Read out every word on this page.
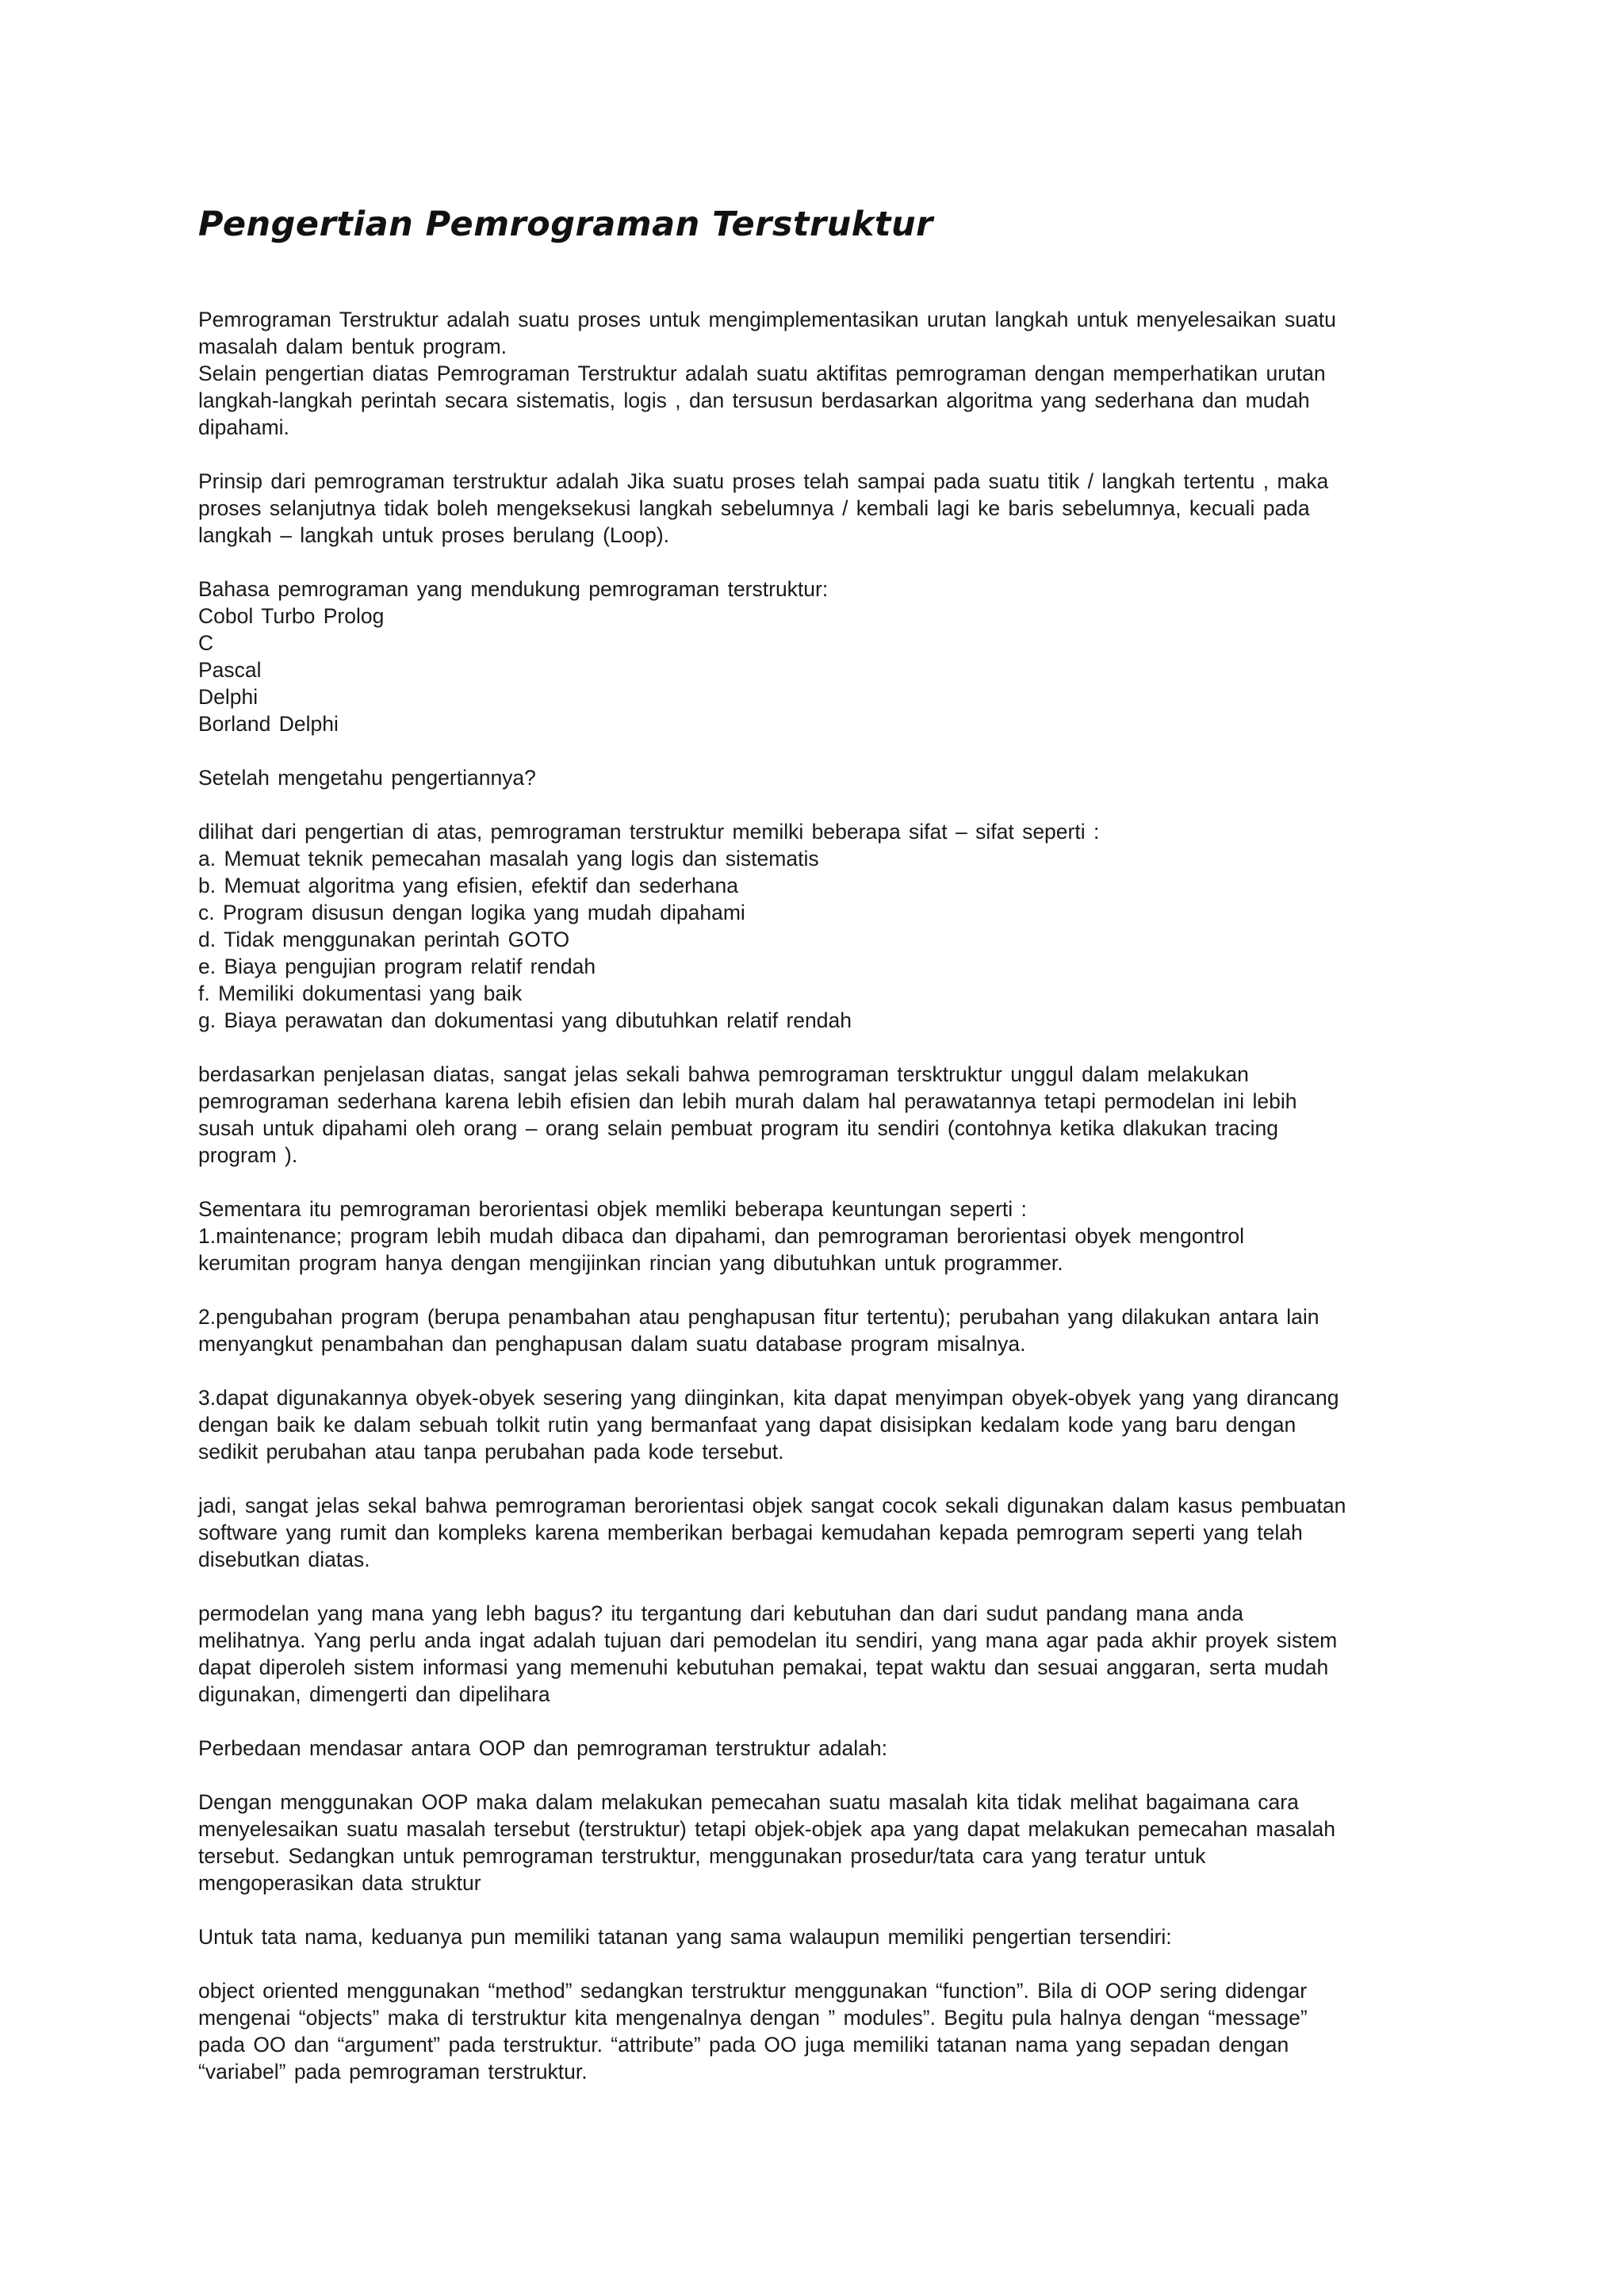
Pengertian Pemrograman Terstruktur

Pemrograman Terstruktur adalah suatu proses untuk mengimplementasikan urutan langkah untuk menyelesaikan suatu
masalah dalam bentuk program.
Selain pengertian diatas Pemrograman Terstruktur adalah suatu aktifitas pemrograman dengan memperhatikan urutan
langkah-langkah perintah secara sistematis, logis , dan tersusun berdasarkan algoritma yang sederhana dan mudah
dipahami.

Prinsip dari pemrograman terstruktur adalah Jika suatu proses telah sampai pada suatu titik / langkah tertentu , maka
proses selanjutnya tidak boleh mengeksekusi langkah sebelumnya / kembali lagi ke baris sebelumnya, kecuali pada
langkah – langkah untuk proses berulang (Loop).

Bahasa pemrograman yang mendukung pemrograman terstruktur:
Cobol Turbo Prolog
C
Pascal
Delphi
Borland Delphi

Setelah mengetahu pengertiannya?

dilihat dari pengertian di atas, pemrograman terstruktur memilki beberapa sifat – sifat seperti :
a. Memuat teknik pemecahan masalah yang logis dan sistematis
b. Memuat algoritma yang efisien, efektif dan sederhana
c. Program disusun dengan logika yang mudah dipahami
d. Tidak menggunakan perintah GOTO
e. Biaya pengujian program relatif rendah
f. Memiliki dokumentasi yang baik
g. Biaya perawatan dan dokumentasi yang dibutuhkan relatif rendah

berdasarkan penjelasan diatas, sangat jelas sekali bahwa pemrograman tersktruktur unggul dalam melakukan
pemrograman sederhana karena lebih efisien dan lebih murah dalam hal perawatannya tetapi permodelan ini lebih
susah untuk dipahami oleh orang – orang selain pembuat program itu sendiri (contohnya ketika dlakukan tracing
program ).

Sementara itu pemrograman berorientasi objek memliki beberapa keuntungan seperti :
1.maintenance; program lebih mudah dibaca dan dipahami, dan pemrograman berorientasi obyek mengontrol
kerumitan program hanya dengan mengijinkan rincian yang dibutuhkan untuk programmer.

2.pengubahan program (berupa penambahan atau penghapusan fitur tertentu); perubahan yang dilakukan antara lain
menyangkut penambahan dan penghapusan dalam suatu database program misalnya.

3.dapat digunakannya obyek-obyek sesering yang diinginkan, kita dapat menyimpan obyek-obyek yang yang dirancang
dengan baik ke dalam sebuah tolkit rutin yang bermanfaat yang dapat disisipkan kedalam kode yang baru dengan
sedikit perubahan atau tanpa perubahan pada kode tersebut.

jadi, sangat jelas sekal bahwa pemrograman berorientasi objek sangat cocok sekali digunakan dalam kasus pembuatan
software yang rumit dan kompleks karena memberikan berbagai kemudahan kepada pemrogram seperti yang telah
disebutkan diatas.

permodelan yang mana yang lebh bagus? itu tergantung dari kebutuhan dan dari sudut pandang mana anda
melihatnya. Yang perlu anda ingat adalah tujuan dari pemodelan itu sendiri, yang mana agar pada akhir proyek sistem
dapat diperoleh sistem informasi yang memenuhi kebutuhan pemakai, tepat waktu dan sesuai anggaran, serta mudah
digunakan, dimengerti dan dipelihara

Perbedaan mendasar antara OOP dan pemrograman terstruktur adalah:

Dengan menggunakan OOP maka dalam melakukan pemecahan suatu masalah kita tidak melihat bagaimana cara
menyelesaikan suatu masalah tersebut (terstruktur) tetapi objek-objek apa yang dapat melakukan pemecahan masalah
tersebut. Sedangkan untuk pemrograman terstruktur, menggunakan prosedur/tata cara yang teratur untuk
mengoperasikan data struktur

Untuk tata nama, keduanya pun memiliki tatanan yang sama walaupun memiliki pengertian tersendiri:

object oriented menggunakan “method” sedangkan terstruktur menggunakan “function”. Bila di OOP sering didengar
mengenai “objects” maka di terstruktur kita mengenalnya dengan ” modules”. Begitu pula halnya dengan “message”
pada OO dan “argument” pada terstruktur. “attribute” pada OO juga memiliki tatanan nama yang sepadan dengan
“variabel” pada pemrograman terstruktur.
